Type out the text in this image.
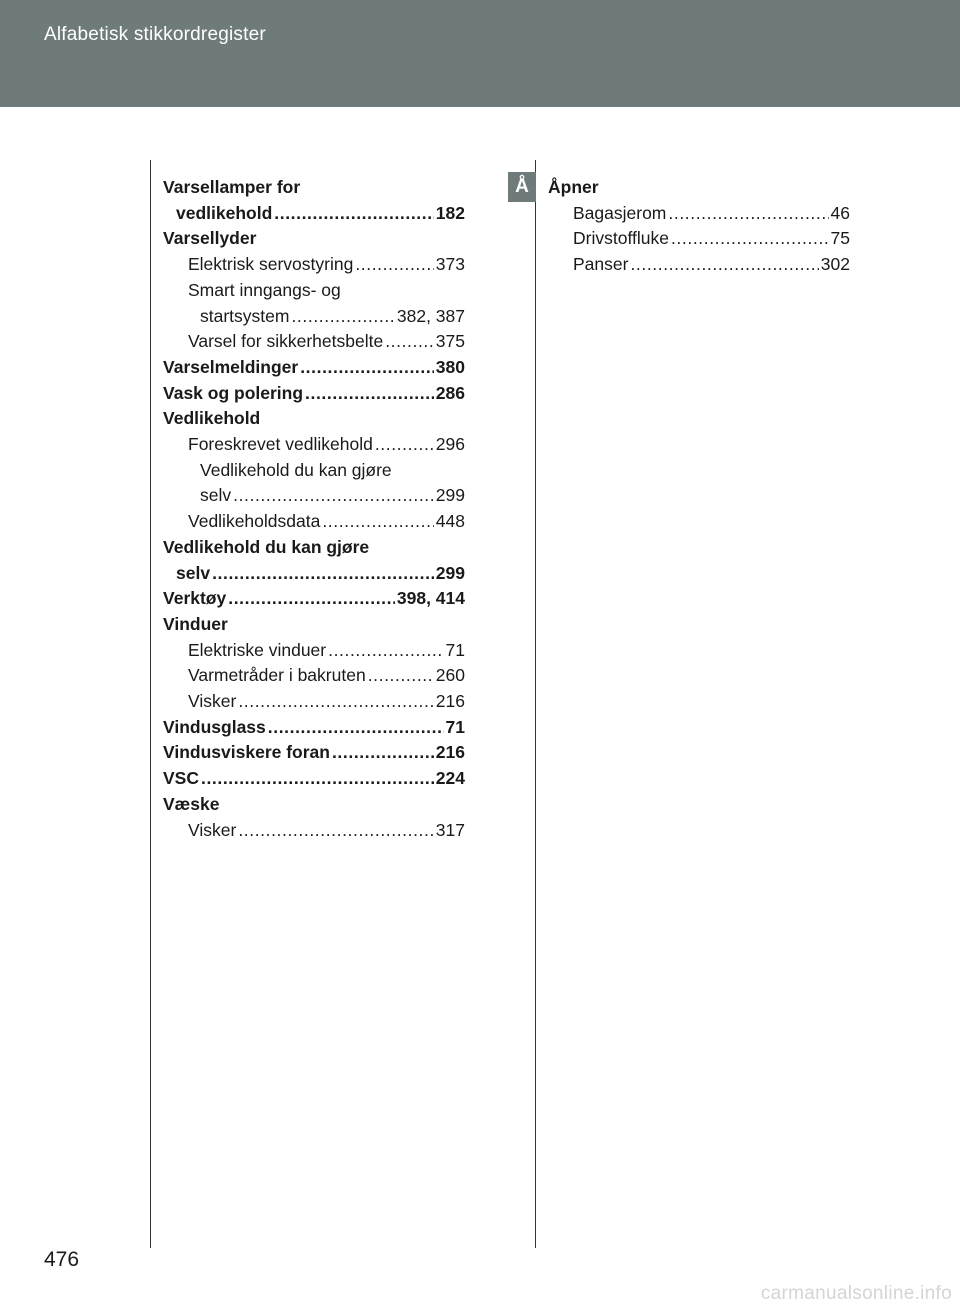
Alfabetisk stikkordregister
Varsellamper for
vedlikehold .....	182
Varsellyder
Elektrisk servostyring .....	373
Smart inngangs- og
startsystem .....	382, 387
Varsel for sikkerhetsbelte .....	375
Varselmeldinger .....	380
Vask og polering .....	286
Vedlikehold
Foreskrevet vedlikehold .....	296
Vedlikehold du kan gjøre
selv .....	299
Vedlikeholdsdata .....	448
Vedlikehold du kan gjøre
selv .....	299
Verktøy .....	398, 414
Vinduer
Elektriske vinduer .....	71
Varmetråder i bakruten .....	260
Visker .....	216
Vindusglass .....	71
Vindusviskere foran .....	216
VSC .....	224
Væske
Visker .....	317
Å	Åpner
Bagasjerom .....	46
Drivstoffluke .....	75
Panser .....	302
476
carmanualsonline.info
